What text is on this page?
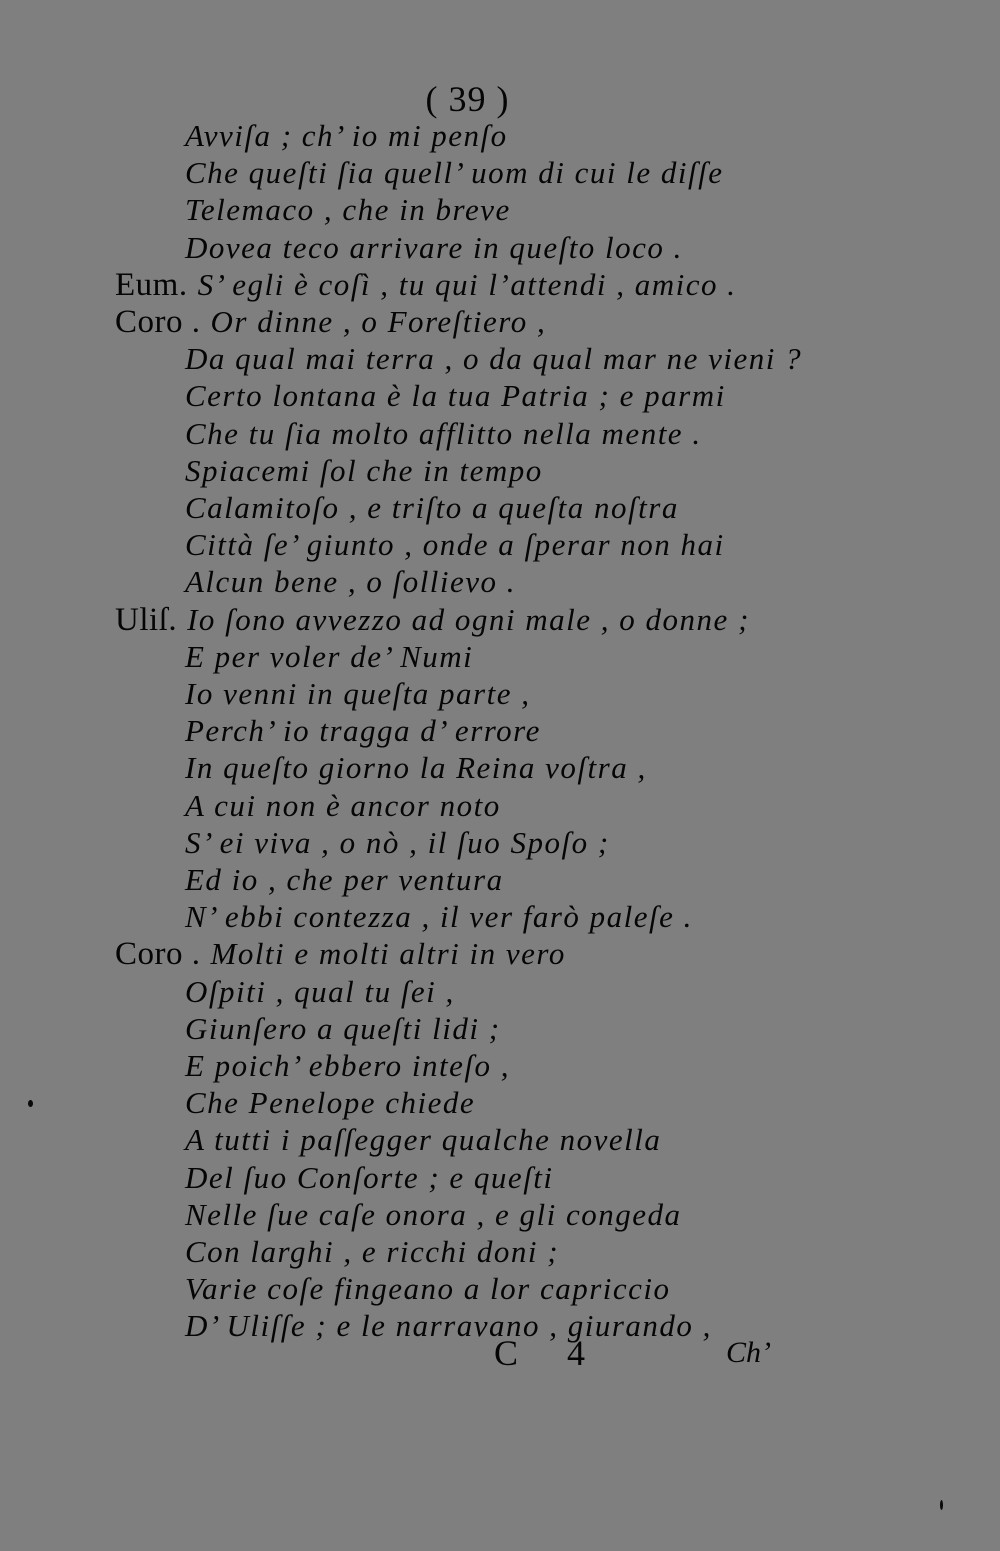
( 39 )
Avviſa ; ch’ io mi penſo
Che queſti ſia quell’ uom di cui le diſſe
Telemaco , che in breve
Dovea teco arrivare in queſto loco .
Eum. S’ egli è coſì , tu qui l’attendi , amico .
Coro . Or dinne , o Foreſtiero ,
Da qual mai terra , o da qual mar ne vieni ?
Certo lontana è la tua Patria ; e parmi
Che tu ſia molto afflitto nella mente .
Spiacemi ſol che in tempo
Calamitoſo , e triſto a queſta noſtra
Città ſe’ giunto , onde a ſperar non hai
Alcun bene , o ſollievo .
Uliſ. Io ſono avvezzo ad ogni male , o donne ;
E per voler de’ Numi
Io venni in queſta parte ,
Perch’ io tragga d’ errore
In queſto giorno la Reina voſtra ,
A cui non è ancor noto
S’ ei viva , o nò , il ſuo Spoſo ;
Ed io , che per ventura
N’ ebbi contezza , il ver farò paleſe .
Coro . Molti e molti altri in vero
Oſpiti , qual tu ſei ,
Giunſero a queſti lidi ;
E poich’ ebbero inteſo ,
Che Penelope chiede
A tutti i paſſegger qualche novella
Del ſuo Conſorte ; e queſti
Nelle ſue caſe onora , e gli congeda
Con larghi , e ricchi doni ;
Varie coſe fingeano a lor capriccio
D’ Uliſſe ; e le narravano , giurando ,
C 4	Ch’
